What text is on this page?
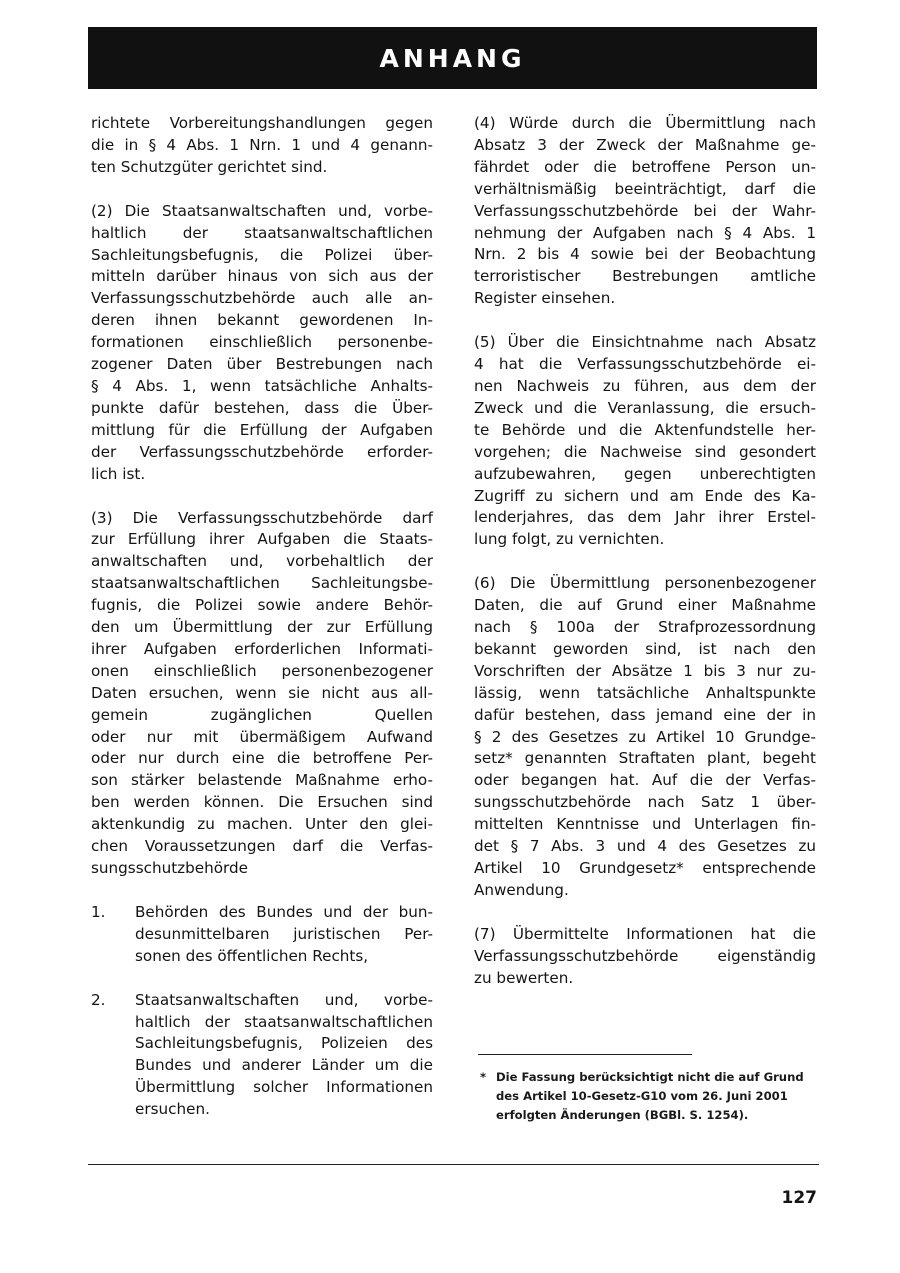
ANHANG

richtete Vorbereitungshandlungen gegen
die in § 4 Abs. 1 Nrn. 1 und 4 genann-
ten Schutzgüter gerichtet sind.

(2) Die Staatsanwaltschaften und, vorbe-
haltlich der staatsanwaltschaftlichen
Sachleitungsbefugnis, die Polizei über-
mitteln darüber hinaus von sich aus der
Verfassungsschutzbehörde auch alle an-
deren ihnen bekannt gewordenen In-
formationen einschließlich personenbe-
zogener Daten über Bestrebungen nach
§ 4 Abs. 1, wenn tatsächliche Anhalts-
punkte dafür bestehen, dass die Über-
mittlung für die Erfüllung der Aufgaben
der Verfassungsschutzbehörde erforder-
lich ist.

(3) Die Verfassungsschutzbehörde darf
zur Erfüllung ihrer Aufgaben die Staats-
anwaltschaften und, vorbehaltlich der
staatsanwaltschaftlichen Sachleitungsbe-
fugnis, die Polizei sowie andere Behör-
den um Übermittlung der zur Erfüllung
ihrer Aufgaben erforderlichen Informati-
onen einschließlich personenbezogener
Daten ersuchen, wenn sie nicht aus all-
gemein zugänglichen Quellen
oder nur mit übermäßigem Aufwand
oder nur durch eine die betroffene Per-
son stärker belastende Maßnahme erho-
ben werden können. Die Ersuchen sind
aktenkundig zu machen. Unter den glei-
chen Voraussetzungen darf die Verfas-
sungsschutzbehörde

1. Behörden des Bundes und der bun-
desunmittelbaren juristischen Per-
sonen des öffentlichen Rechts,
2. Staatsanwaltschaften und, vorbe-
haltlich der staatsanwaltschaftlichen
Sachleitungsbefugnis, Polizeien des
Bundes und anderer Länder um die
Übermittlung solcher Informationen
ersuchen.

(4) Würde durch die Übermittlung nach
Absatz 3 der Zweck der Maßnahme ge-
fährdet oder die betroffene Person un-
verhältnismäßig beeinträchtigt, darf die
Verfassungsschutzbehörde bei der Wahr-
nehmung der Aufgaben nach § 4 Abs. 1
Nrn. 2 bis 4 sowie bei der Beobachtung
terroristischer Bestrebungen amtliche
Register einsehen.

(5) Über die Einsichtnahme nach Absatz
4 hat die Verfassungsschutzbehörde ei-
nen Nachweis zu führen, aus dem der
Zweck und die Veranlassung, die ersuch-
te Behörde und die Aktenfundstelle her-
vorgehen; die Nachweise sind gesondert
aufzubewahren, gegen unberechtigten
Zugriff zu sichern und am Ende des Ka-
lenderjahres, das dem Jahr ihrer Erstel-
lung folgt, zu vernichten.

(6) Die Übermittlung personenbezogener
Daten, die auf Grund einer Maßnahme
nach § 100a der Strafprozessordnung
bekannt geworden sind, ist nach den
Vorschriften der Absätze 1 bis 3 nur zu-
lässig, wenn tatsächliche Anhaltspunkte
dafür bestehen, dass jemand eine der in
§ 2 des Gesetzes zu Artikel 10 Grundge-
setz* genannten Straftaten plant, begeht
oder begangen hat. Auf die der Verfas-
sungsschutzbehörde nach Satz 1 über-
mittelten Kenntnisse und Unterlagen fin-
det § 7 Abs. 3 und 4 des Gesetzes zu
Artikel 10 Grundgesetz* entsprechende
Anwendung.

(7) Übermittelte Informationen hat die
Verfassungsschutzbehörde eigenständig
zu bewerten.

* Die Fassung berücksichtigt nicht die auf Grund
des Artikel 10-Gesetz-G10 vom 26. Juni 2001
erfolgten Änderungen (BGBl. S. 1254).
127
